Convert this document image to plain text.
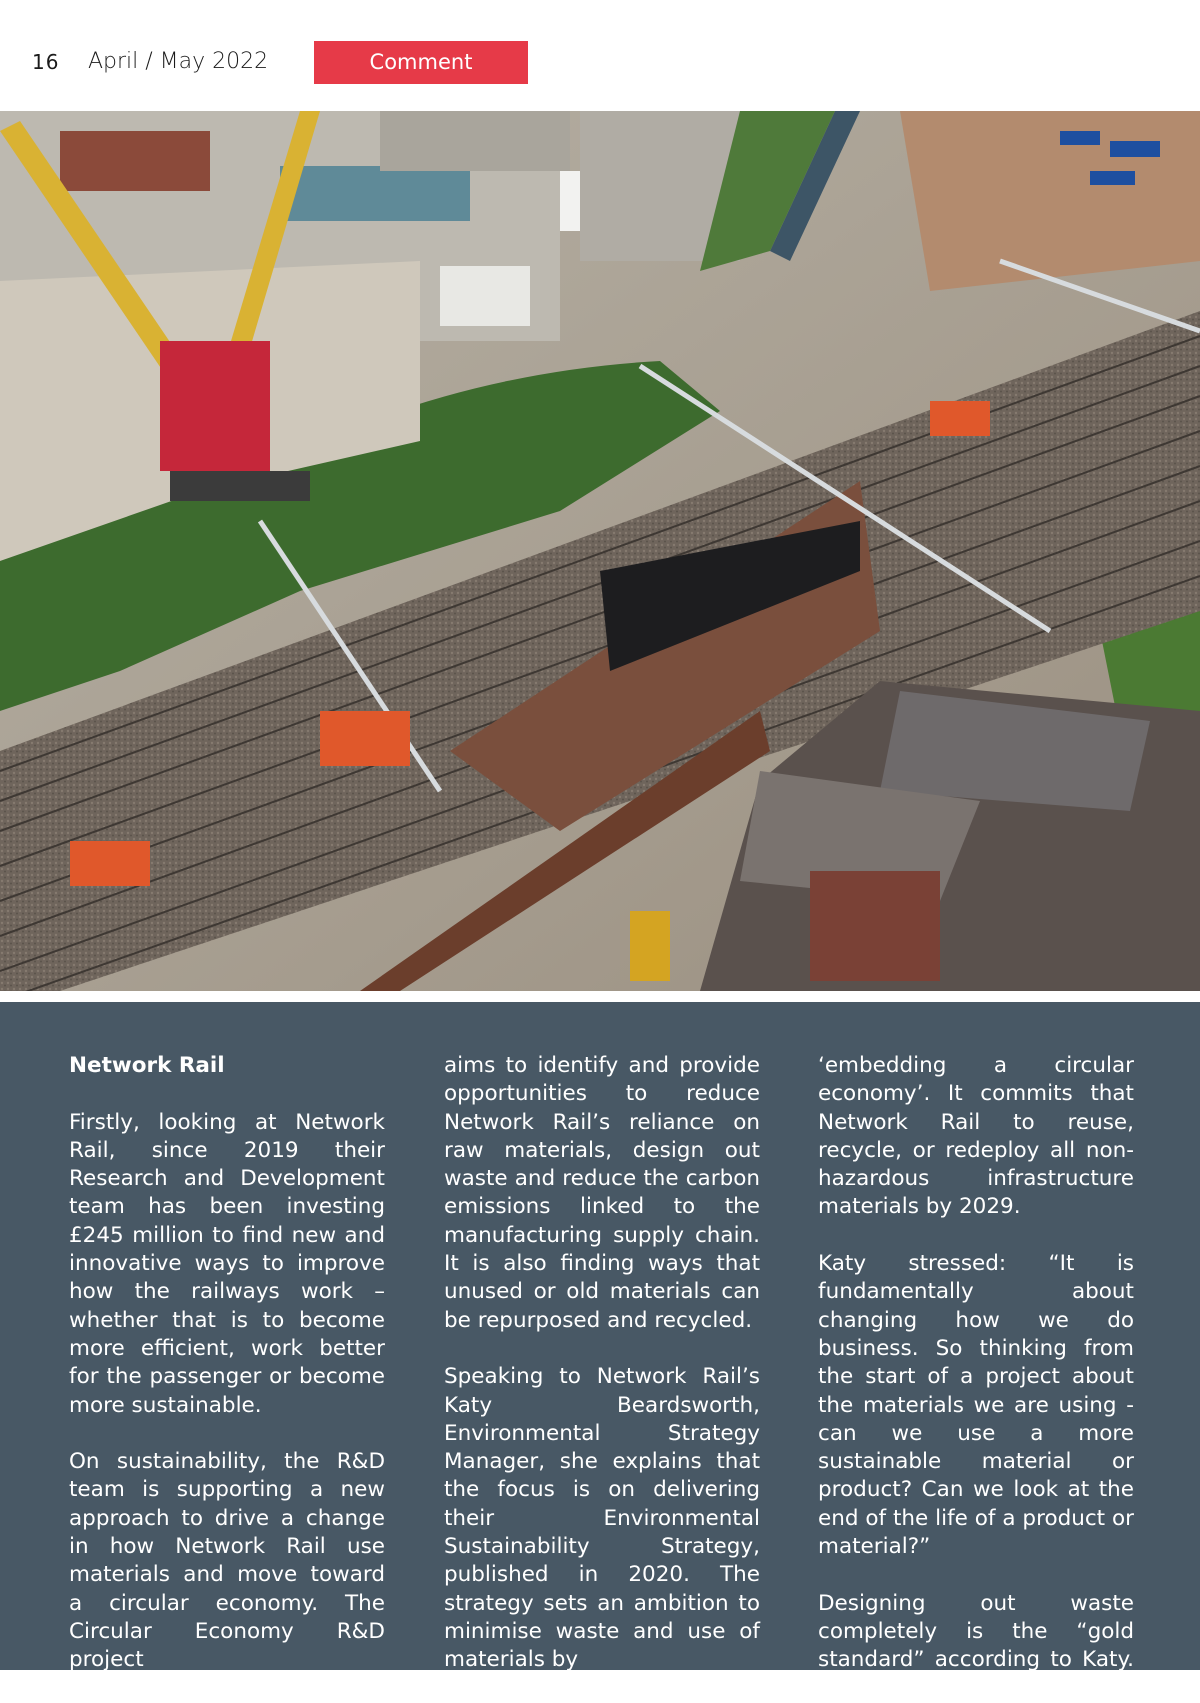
16 April / May 2022	Comment

Network Rail

Firstly, looking at Network Rail, since 2019 their Research and Development team has been investing £245 million to find new and innovative ways to improve how the railways work – whether that is to become more efficient, work better for the passenger or become more sustainable.

On sustainability, the R&D team is supporting a new approach to drive a change in how Network Rail use materials and move toward a circular economy. The Circular Economy R&D project

aims to identify and provide opportunities to reduce Network Rail’s reliance on raw materials, design out waste and reduce the carbon emissions linked to the manufacturing supply chain. It is also finding ways that unused or old materials can be repurposed and recycled.

Speaking to Network Rail’s Katy Beardsworth, Environmental Strategy Manager, she explains that the focus is on delivering their Environmental Sustainability Strategy, published in 2020. The strategy sets an ambition to minimise waste and use of materials by

‘embedding a circular economy’. It commits that Network Rail to reuse, recycle, or redeploy all non-hazardous infrastructure materials by 2029.

Katy stressed: “It is fundamentally about changing how we do business. So thinking from the start of a project about the materials we are using - can we use a more sustainable material or product? Can we look at the end of the life of a product or material?”

Designing out waste completely is the “gold standard” according to Katy. Her team is currently
